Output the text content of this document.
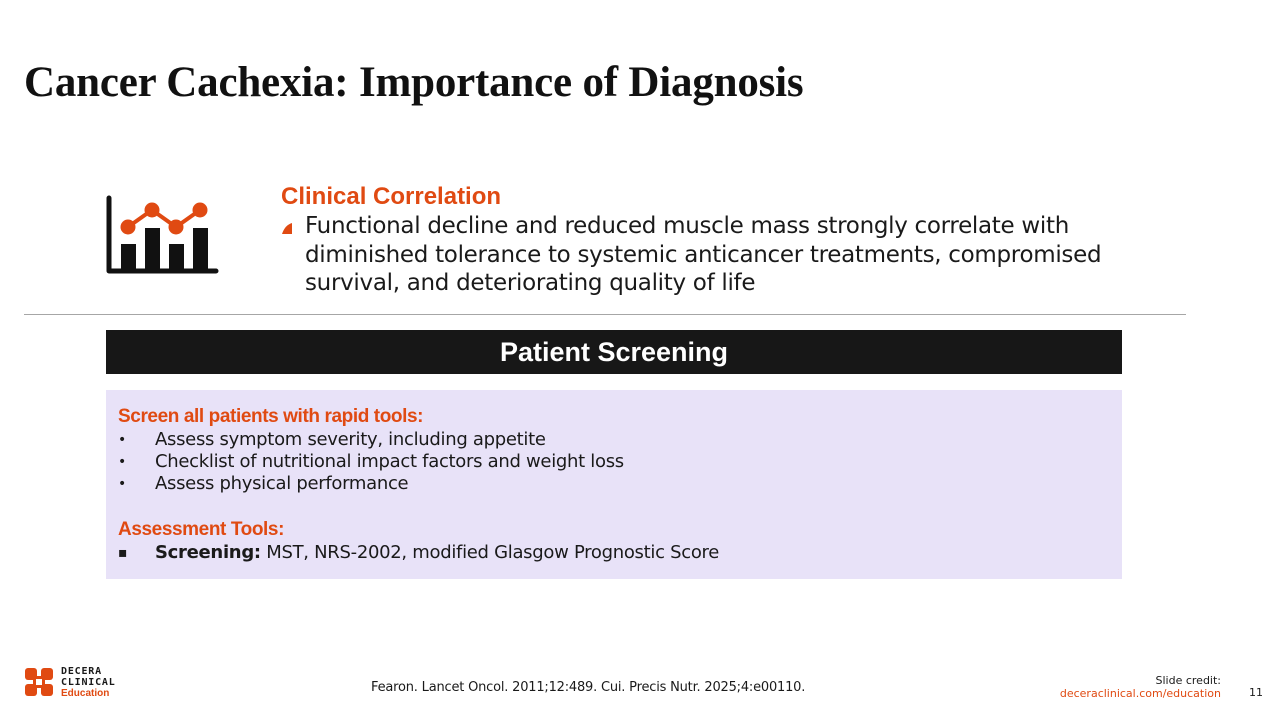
Cancer Cachexia: Importance of Diagnosis
Clinical Correlation

Functional decline and reduced muscle mass strongly correlate with diminished tolerance to systemic anticancer treatments, compromised survival, and deteriorating quality of life

Patient Screening
Screen all patients with rapid tools:
• Assess symptom severity, including appetite
• Checklist of nutritional impact factors and weight loss
• Assess physical performance
Assessment Tools:
▪ Screening: MST, NRS-2002, modified Glasgow Prognostic Score
DECERA
CLINICAL
Education	Fearon. Lancet Oncol. 2011;12:489. Cui. Precis Nutr. 2025;4:e00110.	Slide credit:
deceraclinical.com/education	11
